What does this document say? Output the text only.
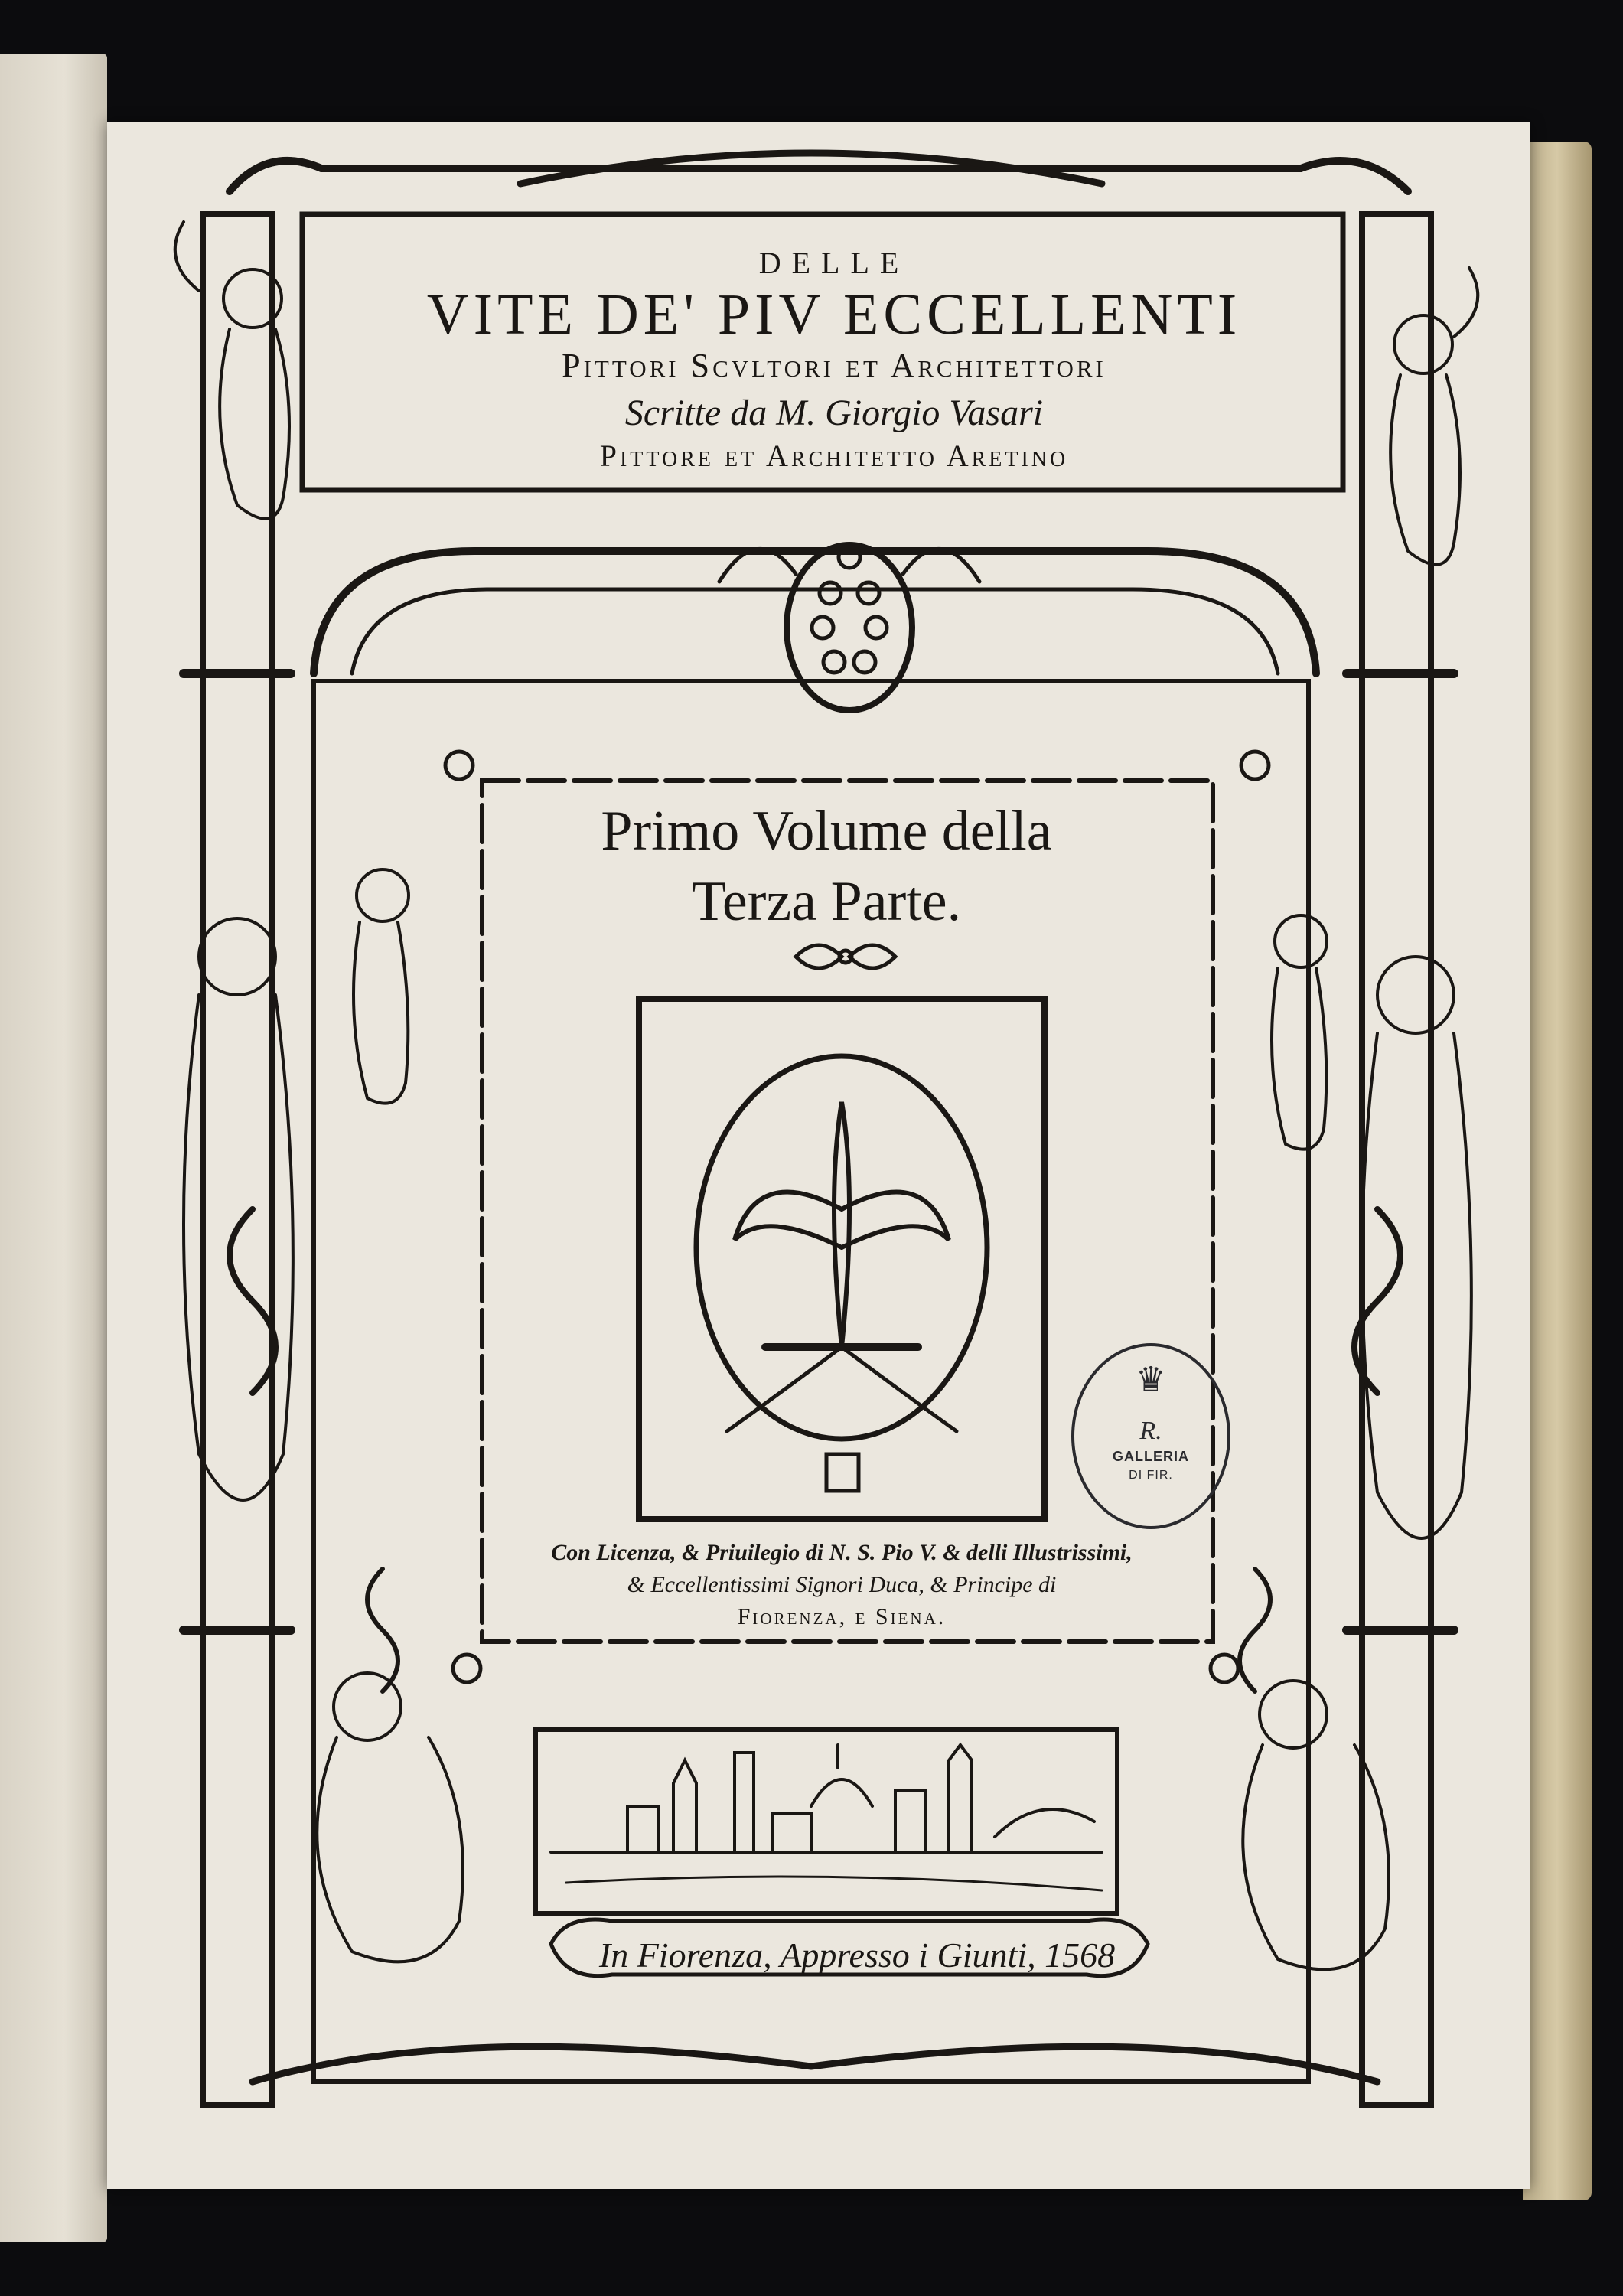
DELLE
VITE DE' PIV ECCELLENTI
Pittori Scvltori et Architettori
Scritte da M. Giorgio Vasari
Pittore et Architetto Aretino
Primo Volume della
Terza Parte.
Con Licenza, & Priuilegio di N. S. Pio V. & delli Illustrissimi,
& Eccellentissimi Signori Duca, & Principe di
Fiorenza, e Siena.
In Fiorenza, Appresso i Giunti, 1568
♛
R.
GALLERIA
DI FIR.
